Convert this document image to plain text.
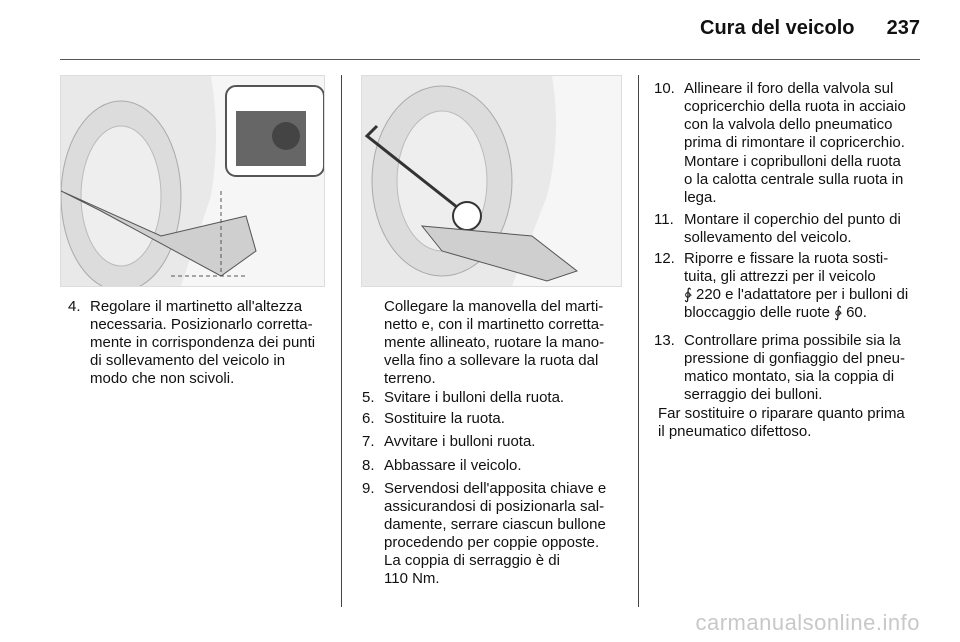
Cura del veicolo 237
4. Regolare il martinetto all'altezza
necessaria. Posizionarlo corretta-
mente in corrispondenza dei punti
di sollevamento del veicolo in
modo che non scivoli.
Collegare la manovella del marti-
netto e, con il martinetto corretta-
mente allineato, ruotare la mano-
vella fino a sollevare la ruota dal
terreno.
5. Svitare i bulloni della ruota.
6. Sostituire la ruota.
7. Avvitare i bulloni ruota.
8. Abbassare il veicolo.
9. Servendosi dell'apposita chiave e
assicurandosi di posizionarla sal-
damente, serrare ciascun bullone
procedendo per coppie opposte.
La coppia di serraggio è di
110 Nm.
10. Allineare il foro della valvola sul
copricerchio della ruota in acciaio
con la valvola dello pneumatico
prima di rimontare il copricerchio.
Montare i copribulloni della ruota
o la calotta centrale sulla ruota in
lega.
11. Montare il coperchio del punto di
sollevamento del veicolo.
12. Riporre e fissare la ruota sosti-
tuita, gli attrezzi per il veicolo
∳ 220 e l'adattatore per i bulloni di
bloccaggio delle ruote ∳ 60.
13. Controllare prima possibile sia la
pressione di gonfiaggio del pneu-
matico montato, sia la coppia di
serraggio dei bulloni.
Far sostituire o riparare quanto prima
il pneumatico difettoso.
carmanualsonline.info
